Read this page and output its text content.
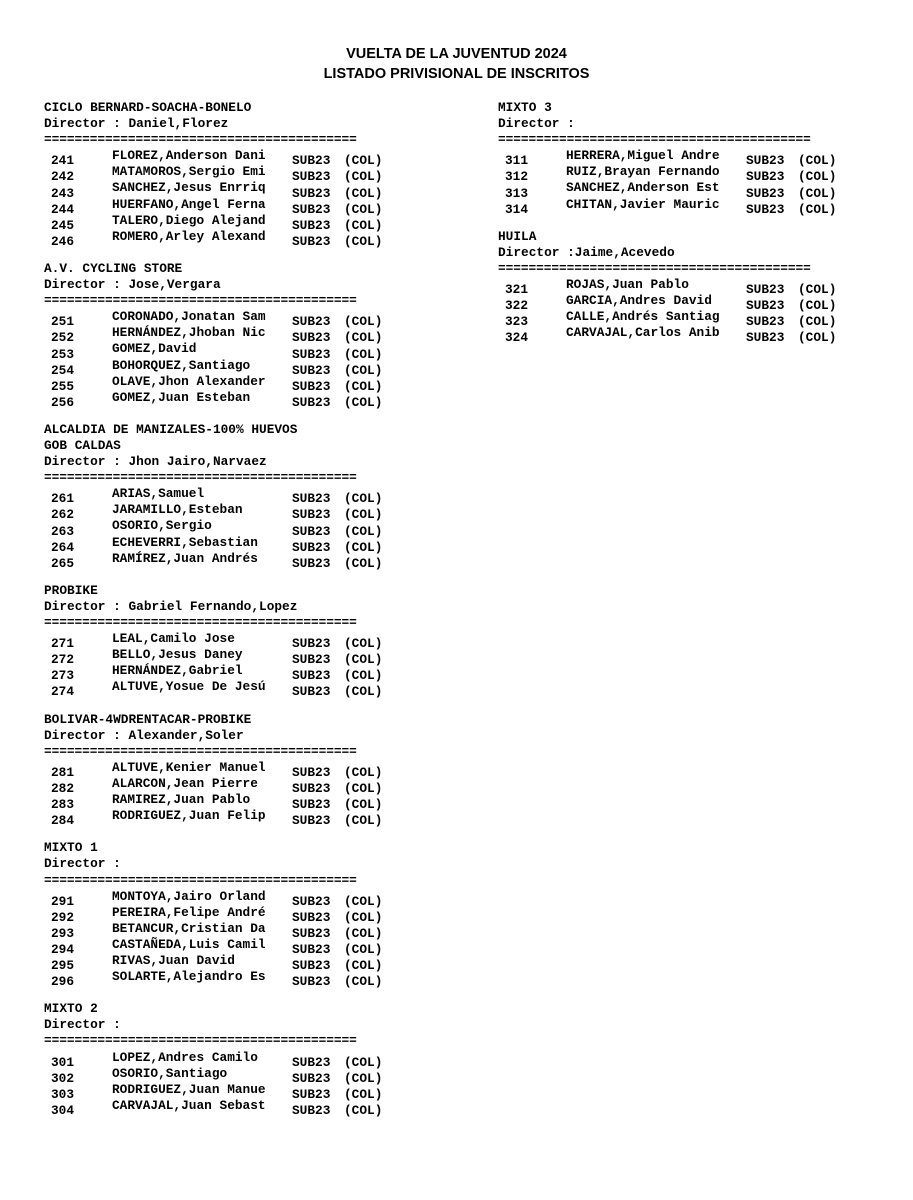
VUELTA DE LA JUVENTUD 2024
LISTADO PRIVISIONAL DE INSCRITOS
CICLO BERNARD-SOACHA-BONELO
Director : Daniel,Florez
=========================================
241	FLOREZ,Anderson Dani SUB23 (COL)
242	MATAMOROS,Sergio Emi SUB23 (COL)
243	SANCHEZ,Jesus Enrriq SUB23 (COL)
244	HUERFANO,Angel Ferna SUB23 (COL)
245	TALERO,Diego Alejand SUB23 (COL)
246	ROMERO,Arley Alexand SUB23 (COL)
A.V. CYCLING STORE
Director : Jose,Vergara
=========================================
251	CORONADO,Jonatan Sam SUB23 (COL)
252	HERNÁNDEZ,Jhoban Nic SUB23 (COL)
253	GOMEZ,David	SUB23 (COL)
254	BOHORQUEZ,Santiago	SUB23 (COL)
255	OLAVE,Jhon Alexander SUB23 (COL)
256	GOMEZ,Juan Esteban	SUB23 (COL)
ALCALDIA DE MANIZALES-100% HUEVOS
GOB CALDAS
Director : Jhon Jairo,Narvaez
=========================================
261	ARIAS,Samuel	SUB23 (COL)
262	JARAMILLO,Esteban	SUB23 (COL)
263	OSORIO,Sergio	SUB23 (COL)
264	ECHEVERRI,Sebastian	SUB23 (COL)
265	RAMÍREZ,Juan Andrés	SUB23 (COL)
PROBIKE
Director : Gabriel Fernando,Lopez
=========================================
271	LEAL,Camilo Jose	SUB23 (COL)
272	BELLO,Jesus Daney	SUB23 (COL)
273	HERNÁNDEZ,Gabriel	SUB23 (COL)
274	ALTUVE,Yosue De Jesú SUB23 (COL)
BOLIVAR-4WDRENTACAR-PROBIKE
Director : Alexander,Soler
=========================================
281	ALTUVE,Kenier Manuel SUB23 (COL)
282	ALARCON,Jean Pierre	SUB23 (COL)
283	RAMIREZ,Juan Pablo	SUB23 (COL)
284	RODRIGUEZ,Juan Felip SUB23 (COL)
MIXTO 1
Director :
=========================================
291	MONTOYA,Jairo Orland SUB23 (COL)
292	PEREIRA,Felipe André SUB23 (COL)
293	BETANCUR,Cristian Da SUB23 (COL)
294	CASTAÑEDA,Luis Camil SUB23 (COL)
295	RIVAS,Juan David	SUB23 (COL)
296	SOLARTE,Alejandro Es SUB23 (COL)
MIXTO 2
Director :
=========================================
301	LOPEZ,Andres Camilo	SUB23 (COL)
302	OSORIO,Santiago	SUB23 (COL)
303	RODRIGUEZ,Juan Manue SUB23 (COL)
304	CARVAJAL,Juan Sebast SUB23 (COL)
MIXTO 3
Director :
=========================================
311	HERRERA,Miguel Andre SUB23 (COL)
312	RUIZ,Brayan Fernando SUB23 (COL)
313	SANCHEZ,Anderson Est SUB23 (COL)
314	CHITAN,Javier Mauric SUB23 (COL)
HUILA
Director :Jaime,Acevedo
=========================================
321	ROJAS,Juan Pablo	SUB23 (COL)
322	GARCIA,Andres David	SUB23 (COL)
323	CALLE,Andrés Santiag SUB23 (COL)
324	CARVAJAL,Carlos Anib SUB23 (COL)
